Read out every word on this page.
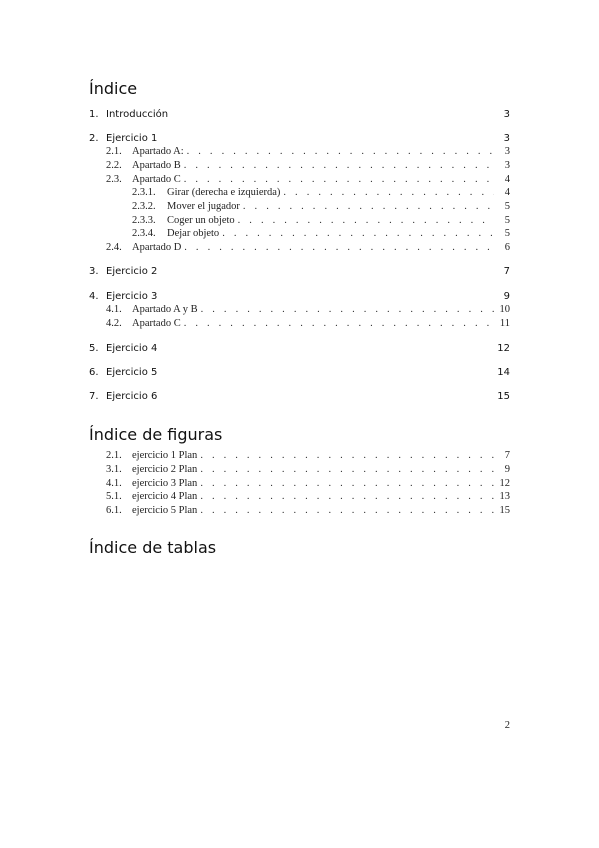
Índice
1. Introducción	3
2. Ejercicio 1	3
2.1. Apartado A: . . .	3
2.2. Apartado B . . .	3
2.3. Apartado C . . .	4
2.3.1.	Girar (derecha e izquierda) . . .	4
2.3.2.	Mover el jugador . . .	5
2.3.3.	Coger un objeto . . .	5
2.3.4.	Dejar objeto . . .	5
2.4. Apartado D . . .	6
3. Ejercicio 2	7
4. Ejercicio 3	9
4.1. Apartado A y B . . .	10
4.2. Apartado C . . .	11
5. Ejercicio 4	12
6. Ejercicio 5	14
7. Ejercicio 6	15
Índice de figuras
2.1. ejercicio 1 Plan . . .	7
3.1. ejercicio 2 Plan . . .	9
4.1. ejercicio 3 Plan . . .	12
5.1. ejercicio 4 Plan . . .	13
6.1. ejercicio 5 Plan . . .	15
Índice de tablas
2
